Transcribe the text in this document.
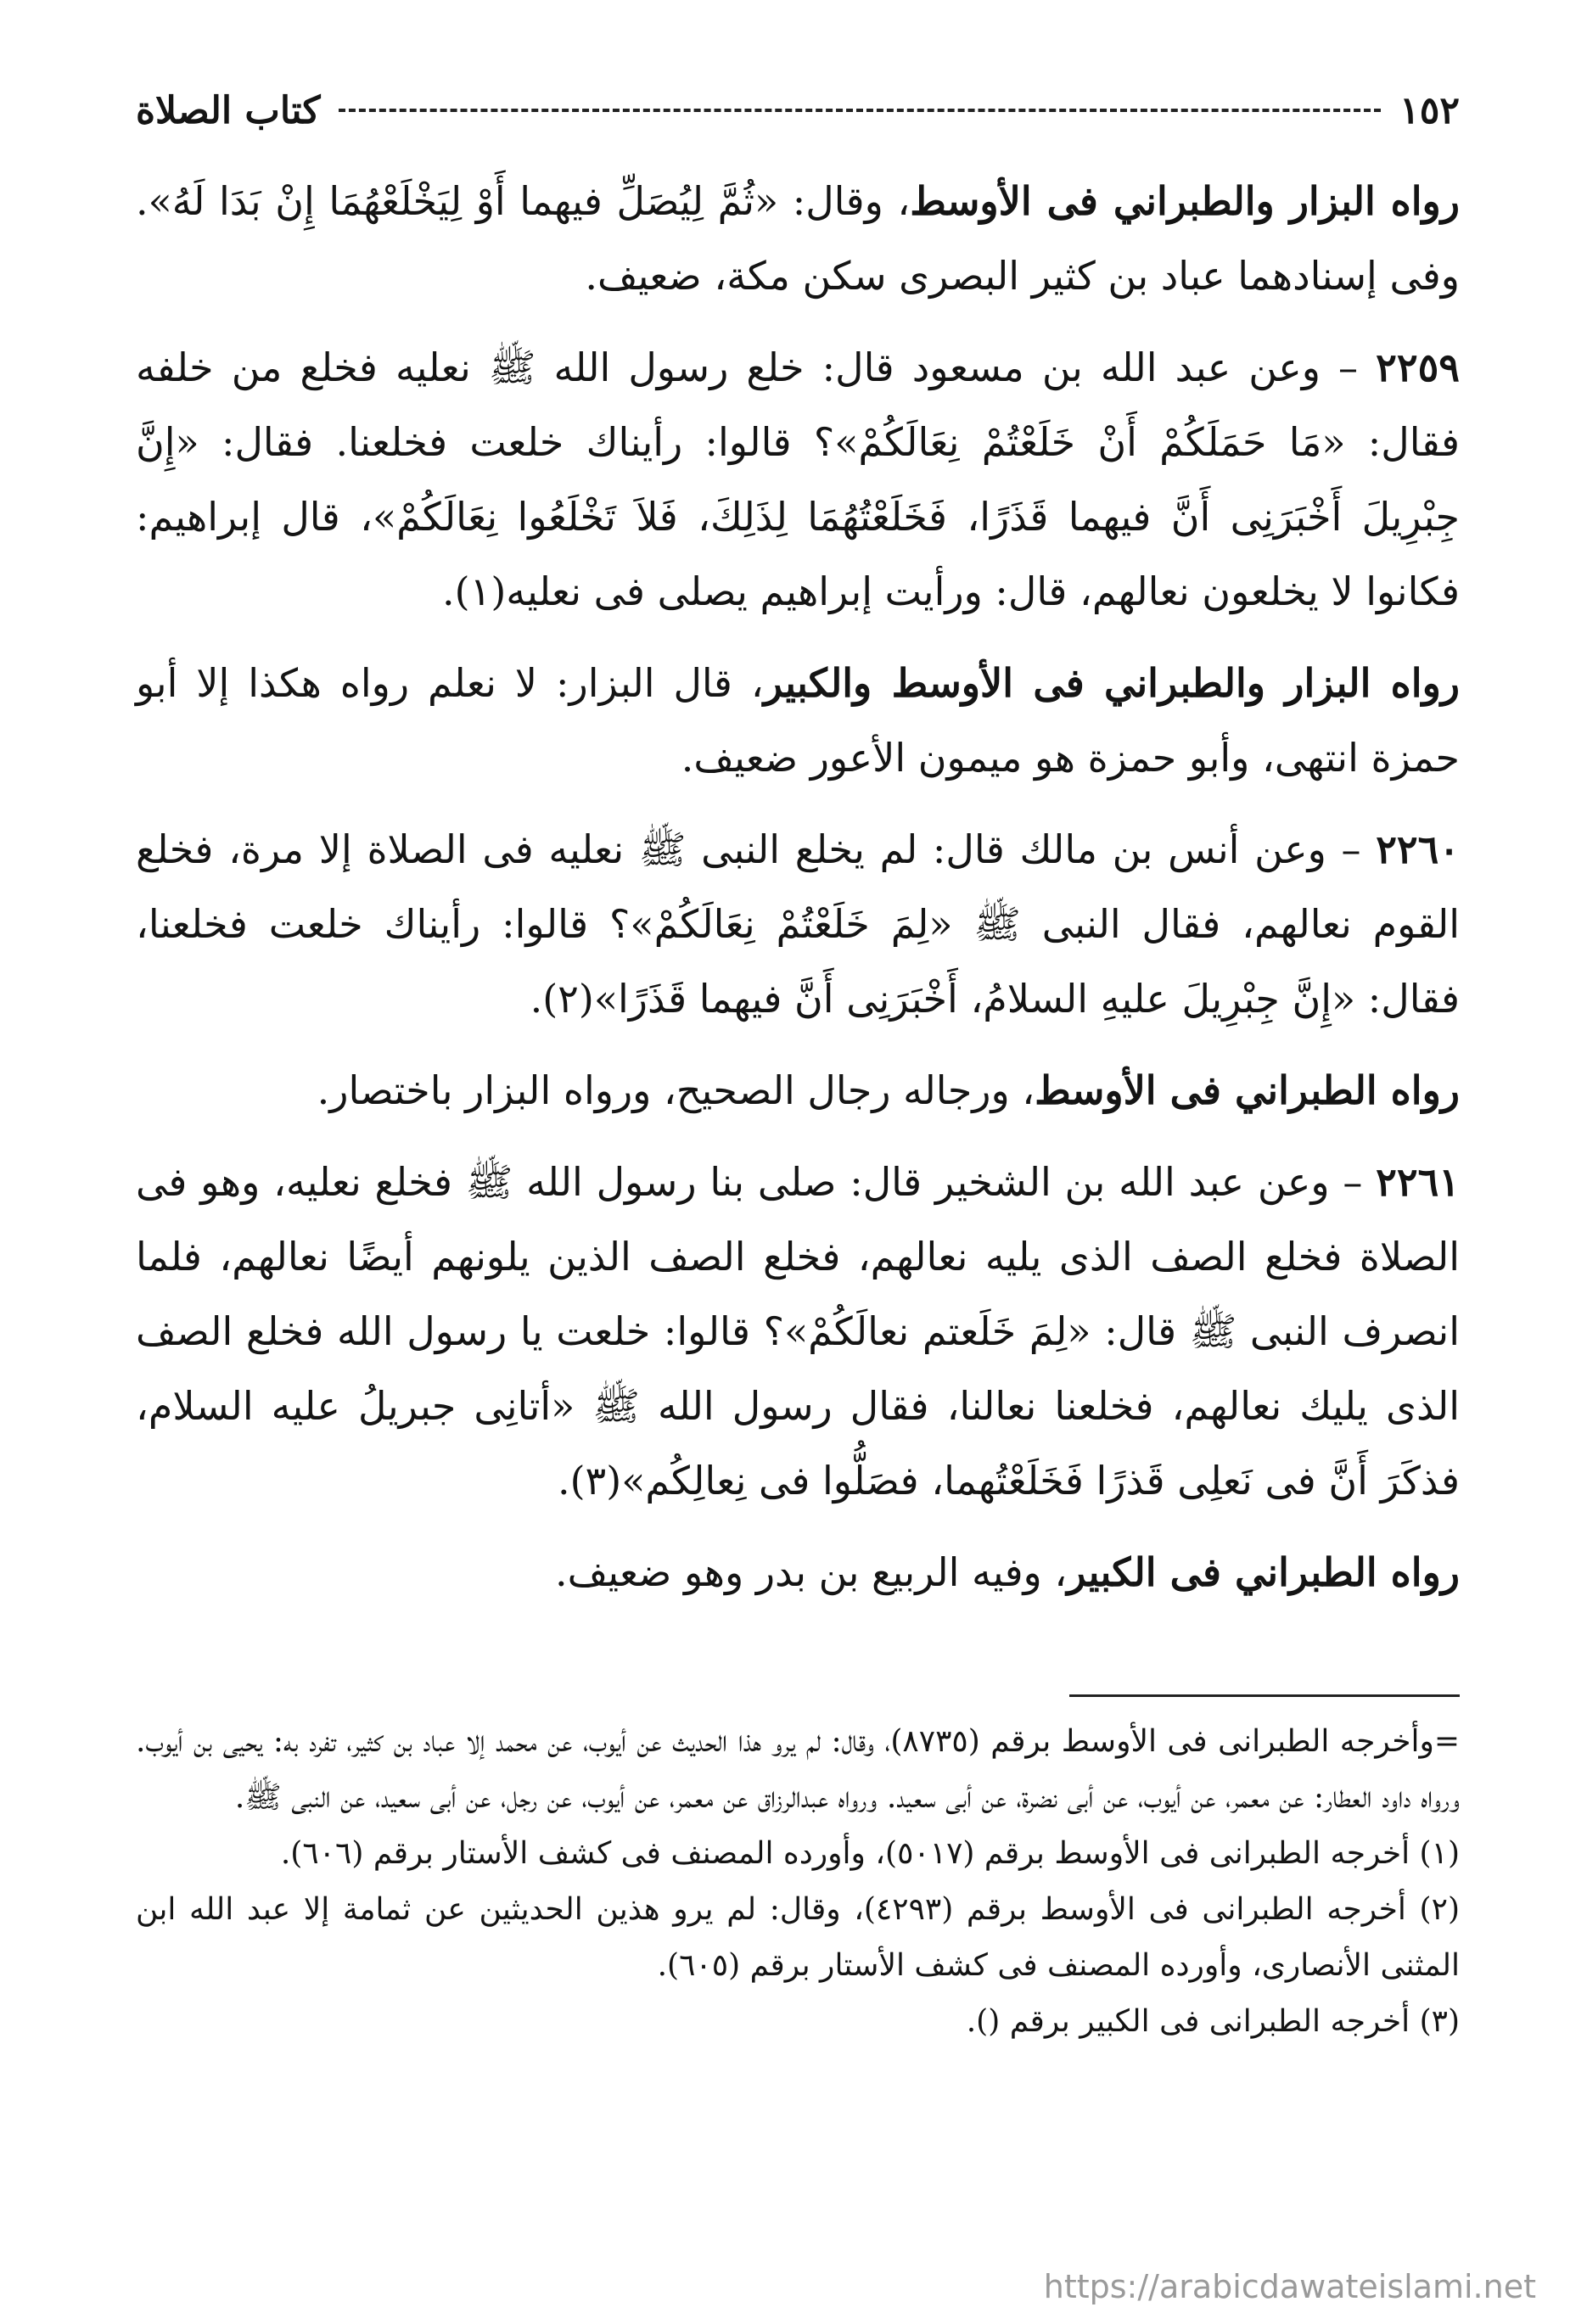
١٥٢
كتاب الصلاة

رواه البزار والطبراني فى الأوسط، وقال: «ثُمَّ لِيُصَلِّ فيهما أَوْ لِيَخْلَعْهُمَا إِنْ بَدَا لَهُ». وفى إسنادهما عباد بن كثير البصرى سكن مكة، ضعيف.

٢٢٥٩ – وعن عبد الله بن مسعود قال: خلع رسول الله ﷺ نعليه فخلع من خلفه فقال: «مَا حَمَلَكُمْ أَنْ خَلَعْتُمْ نِعَالَكُمْ»؟ قالوا: رأيناك خلعت فخلعنا. فقال: «إِنَّ جِبْرِيلَ أَخْبَرَنِى أَنَّ فيهما قَذَرًا، فَخَلَعْتُهُمَا لِذَلِكَ، فَلاَ تَخْلَعُوا نِعَالَكُمْ»، قال إبراهيم: فكانوا لا يخلعون نعالهم، قال: ورأيت إبراهيم يصلى فى نعليه(١).

رواه البزار والطبراني فى الأوسط والكبير، قال البزار: لا نعلم رواه هكذا إلا أبو حمزة انتهى، وأبو حمزة هو ميمون الأعور ضعيف.

٢٢٦٠ – وعن أنس بن مالك قال: لم يخلع النبى ﷺ نعليه فى الصلاة إلا مرة، فخلع القوم نعالهم، فقال النبى ﷺ «لِمَ خَلَعْتُمْ نِعَالَكُمْ»؟ قالوا: رأيناك خلعت فخلعنا، فقال: «إِنَّ جِبْرِيلَ عليهِ السلامُ، أَخْبَرَنِى أَنَّ فيهما قَذَرًا»(٢).

رواه الطبراني فى الأوسط، ورجاله رجال الصحيح، ورواه البزار باختصار.

٢٢٦١ – وعن عبد الله بن الشخير قال: صلى بنا رسول الله ﷺ فخلع نعليه، وهو فى الصلاة فخلع الصف الذى يليه نعالهم، فخلع الصف الذين يلونهم أيضًا نعالهم، فلما انصرف النبى ﷺ قال: «لِمَ خَلَعتم نعالَكُمْ»؟ قالوا: خلعت يا رسول الله فخلع الصف الذى يليك نعالهم، فخلعنا نعالنا، فقال رسول الله ﷺ «أتانِى جبريلُ عليه السلام، فذكَرَ أَنَّ فى نَعلِى قَذرًا فَخَلَعْتُهما، فصَلُّوا فى نِعالِكُم»(٣).

رواه الطبراني فى الكبير، وفيه الربيع بن بدر وهو ضعيف.

=وأخرجه الطبرانى فى الأوسط برقم (٨٧٣٥)، وقال: لم يرو هذا الحديث عن أيوب، عن محمد إلا عباد بن كثير، تفرد به: يحيى بن أيوب. ورواه داود العطار: عن معمر، عن أيوب، عن أبى نضرة، عن أبى سعيد. ورواه عبدالرزاق عن معمر، عن أيوب، عن رجل، عن أبى سعيد، عن النبى ﷺ.

(١) أخرجه الطبرانى فى الأوسط برقم (٥٠١٧)، وأورده المصنف فى كشف الأستار برقم (٦٠٦).

(٢) أخرجه الطبرانى فى الأوسط برقم (٤٢٩٣)، وقال: لم يرو هذين الحديثين عن ثمامة إلا عبد الله ابن المثنى الأنصارى، وأورده المصنف فى كشف الأستار برقم (٦٠٥).

(٣) أخرجه الطبرانى فى الكبير برقم ().

https://arabicdawateislami.net
